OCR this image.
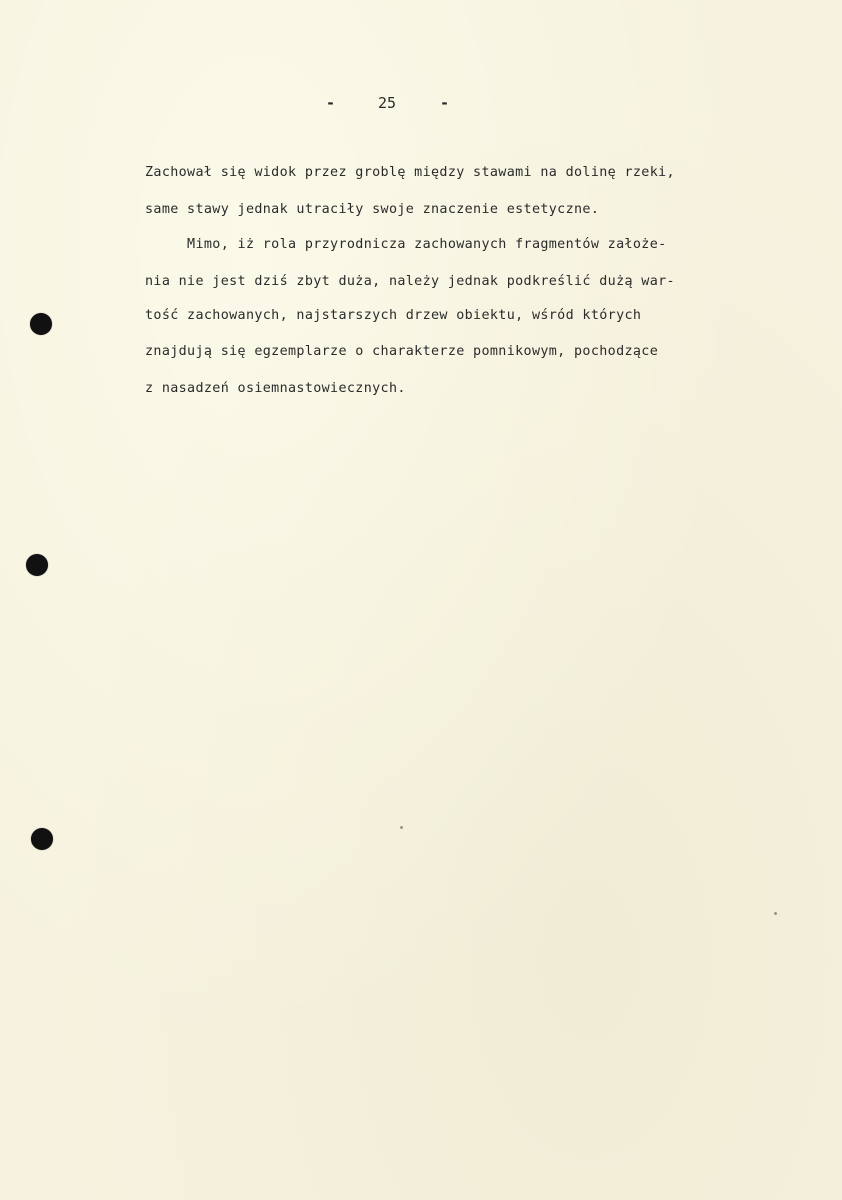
-	25	-
Zachował się widok przez groblę między stawami na dolinę rzeki,
same stawy jednak utraciły swoje znaczenie estetyczne.
Mimo, iż rola przyrodnicza zachowanych fragmentów założe-
nia nie jest dziś zbyt duża, należy jednak podkreślić dużą war-
tość zachowanych, najstarszych drzew obiektu, wśród których
znajdują się egzemplarze o charakterze pomnikowym, pochodzące
z nasadzeń osiemnastowiecznych.
